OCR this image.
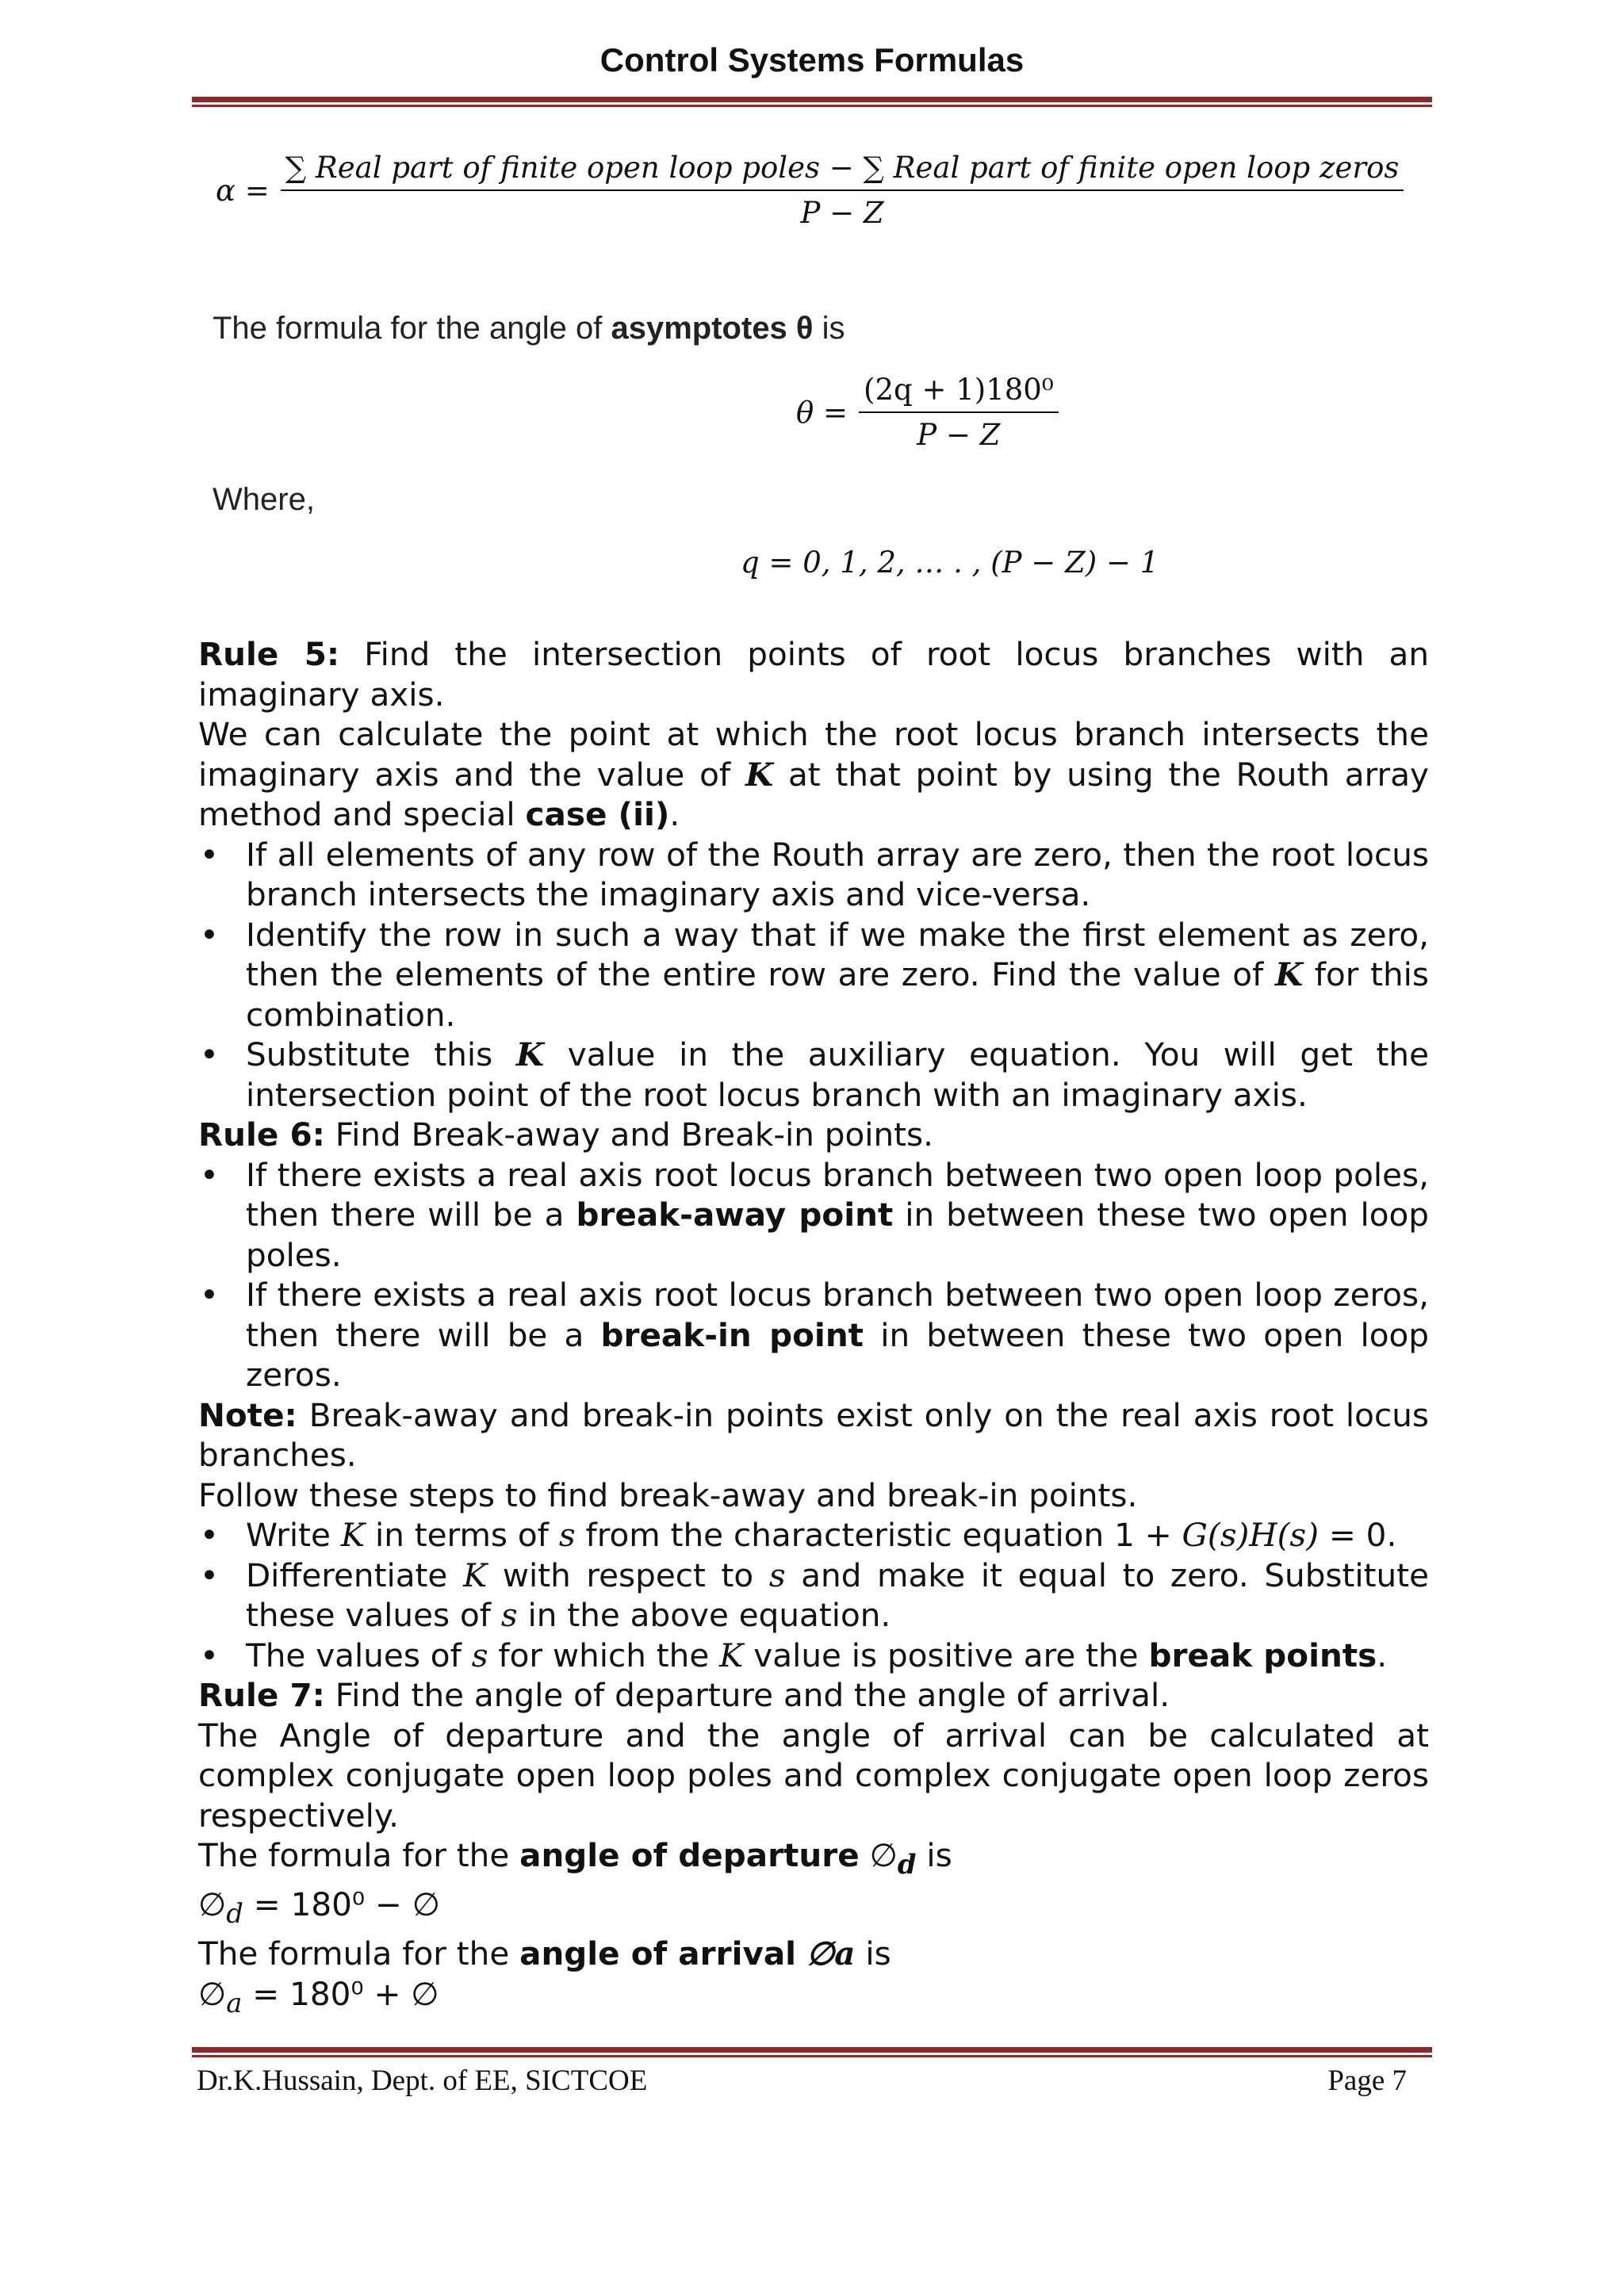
Control Systems Formulas
α =
∑ Real part of finite open loop poles − ∑ Real part of finite open loop zeros
P − Z
The formula for the angle of asymptotes θ is
$\theta = \frac{\text{(2q + 1)180⁰}}{P - Z}$
Where,
q = 0, 1, 2, … . , (P − Z) − 1

Rule 5: Find the intersection points of root locus branches with an imaginary axis.

We can calculate the point at which the root locus branch intersects the imaginary axis and the value of K at that point by using the Routh array method and special case (ii).

• If all elements of any row of the Routh array are zero, then the root locus branch intersects the imaginary axis and vice-versa.
• Identify the row in such a way that if we make the first element as zero, then the elements of the entire row are zero. Find the value of K for this combination.
• Substitute this K value in the auxiliary equation. You will get the intersection point of the root locus branch with an imaginary axis.

Rule 6: Find Break-away and Break-in points.

• If there exists a real axis root locus branch between two open loop poles, then there will be a break-away point in between these two open loop poles.
• If there exists a real axis root locus branch between two open loop zeros, then there will be a break-in point in between these two open loop zeros.

Note: Break-away and break-in points exist only on the real axis root locus branches.

Follow these steps to find break-away and break-in points.

• Write K in terms of s from the characteristic equation 1 + G(s)H(s) = 0.
• Differentiate K with respect to s and make it equal to zero. Substitute these values of s in the above equation.
• The values of s for which the K value is positive are the break points.

Rule 7: Find the angle of departure and the angle of arrival.

The Angle of departure and the angle of arrival can be calculated at complex conjugate open loop poles and complex conjugate open loop zeros respectively.

The formula for the angle of departure $\emptyset_d$ is

$\emptyset_d = 180^0$ − ∅

The formula for the angle of arrival ∅a is

$\emptyset_a = 180^0$ + ∅

Dr.K.Hussain, Dept. of EE, SICTCOE	Page 7
